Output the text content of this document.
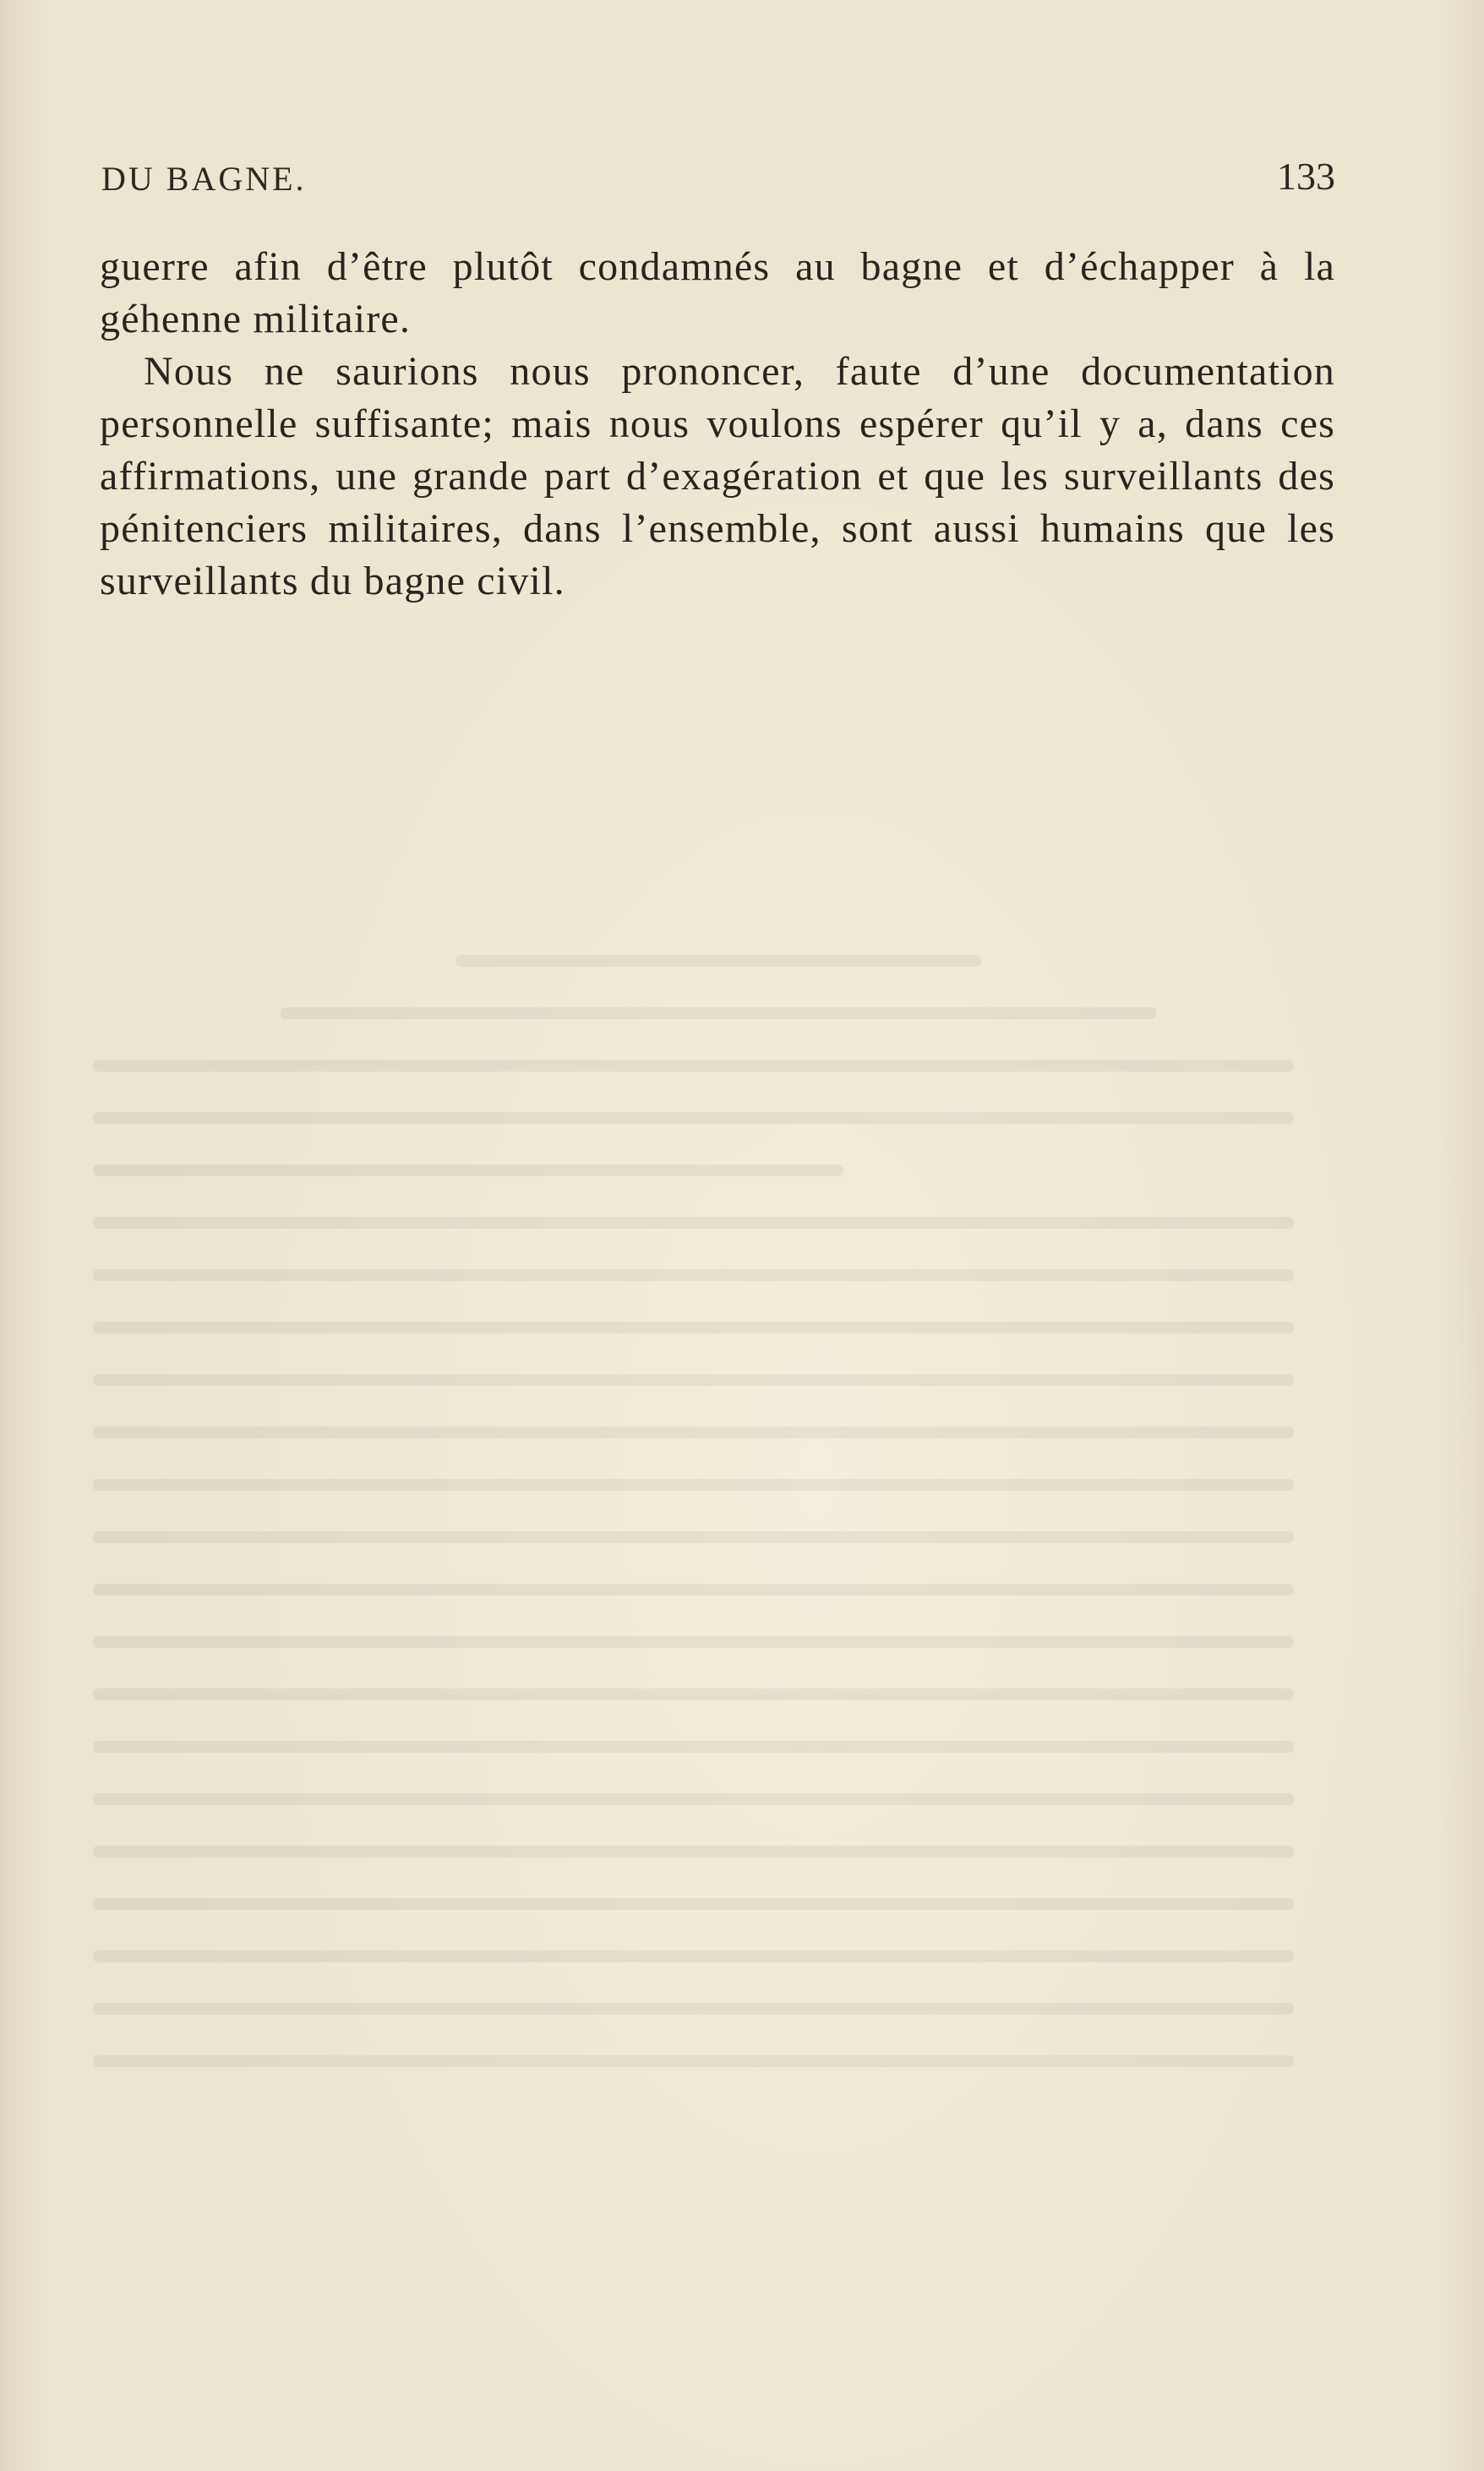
DU BAGNE.	133

guerre afin d’être plutôt condamnés au bagne et d’échapper à la géhenne militaire.

Nous ne saurions nous prononcer, faute d’une documentation personnelle suffisante; mais nous voulons espérer qu’il y a, dans ces affirmations, une grande part d’exagération et que les surveillants des pénitenciers militaires, dans l’ensemble, sont aussi humains que les surveillants du bagne civil.
